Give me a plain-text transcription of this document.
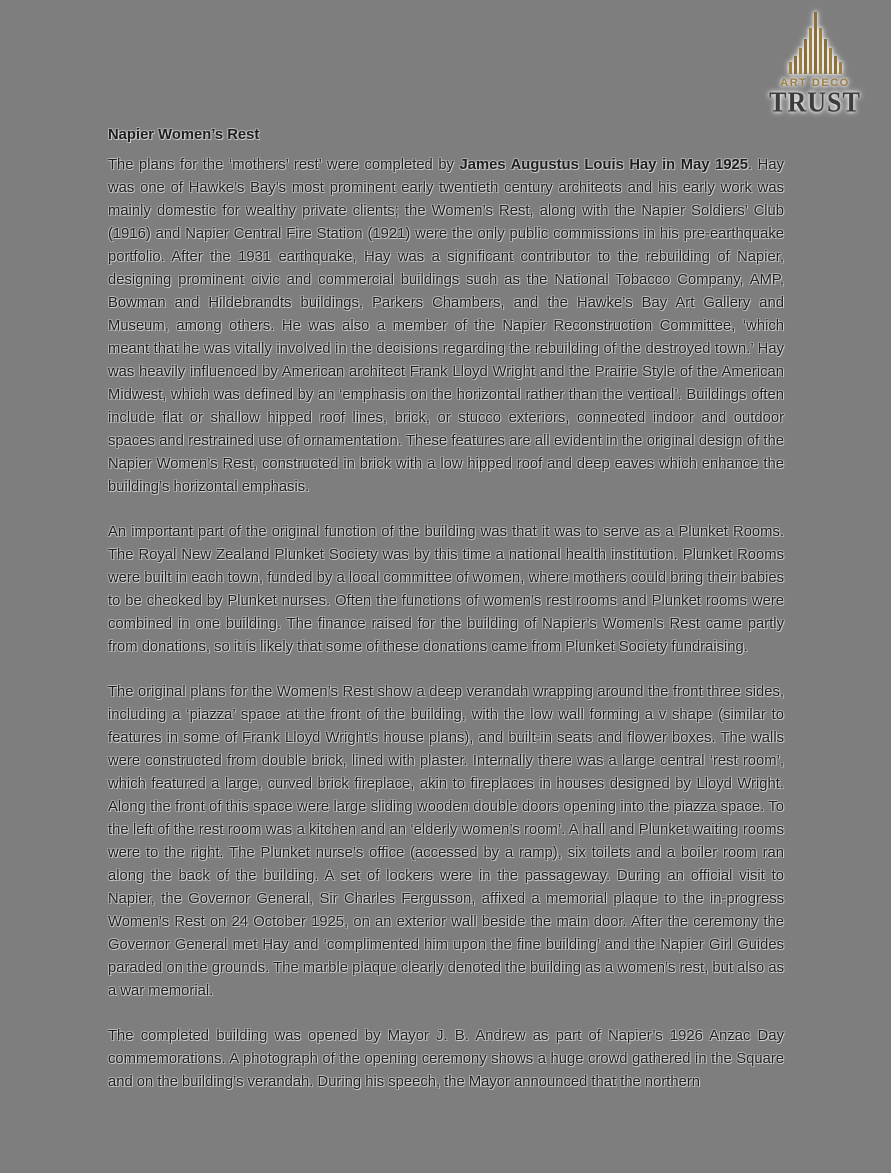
ART DECO
TRUST
Napier Women’s Rest

The plans for the ‘mothers’ rest’ were completed by James Augustus Louis Hay in May 1925. Hay was one of Hawke’s Bay’s most prominent early twentieth century architects and his early work was mainly domestic for wealthy private clients; the Women’s Rest, along with the Napier Soldiers’ Club (1916) and Napier Central Fire Station (1921) were the only public commissions in his pre-earthquake portfolio. After the 1931 earthquake, Hay was a significant contributor to the rebuilding of Napier, designing prominent civic and commercial buildings such as the National Tobacco Company, AMP, Bowman and Hildebrandts buildings, Parkers Chambers, and the Hawke’s Bay Art Gallery and Museum, among others. He was also a member of the Napier Reconstruction Committee, ‘which meant that he was vitally involved in the decisions regarding the rebuilding of the destroyed town.’ Hay was heavily influenced by American architect Frank Lloyd Wright and the Prairie Style of the American Midwest, which was defined by an ‘emphasis on the horizontal rather than the vertical’. Buildings often include flat or shallow hipped roof lines, brick, or stucco exteriors, connected indoor and outdoor spaces and restrained use of ornamentation. These features are all evident in the original design of the Napier Women’s Rest, constructed in brick with a low hipped roof and deep eaves which enhance the building’s horizontal emphasis.

An important part of the original function of the building was that it was to serve as a Plunket Rooms. The Royal New Zealand Plunket Society was by this time a national health institution. Plunket Rooms were built in each town, funded by a local committee of women, where mothers could bring their babies to be checked by Plunket nurses. Often the functions of women’s rest rooms and Plunket rooms were combined in one building. The finance raised for the building of Napier’s Women’s Rest came partly from donations, so it is likely that some of these donations came from Plunket Society fundraising.

The original plans for the Women’s Rest show a deep verandah wrapping around the front three sides, including a ‘piazza’ space at the front of the building, with the low wall forming a v shape (similar to features in some of Frank Lloyd Wright’s house plans), and built-in seats and flower boxes. The walls were constructed from double brick, lined with plaster. Internally there was a large central ‘rest room’, which featured a large, curved brick fireplace, akin to fireplaces in houses designed by Lloyd Wright. Along the front of this space were large sliding wooden double doors opening into the piazza space. To the left of the rest room was a kitchen and an ‘elderly women’s room’. A hall and Plunket waiting rooms were to the right. The Plunket nurse’s office (accessed by a ramp), six toilets and a boiler room ran along the back of the building. A set of lockers were in the passageway. During an official visit to Napier, the Governor General, Sir Charles Fergusson, affixed a memorial plaque to the in-progress Women’s Rest on 24 October 1925, on an exterior wall beside the main door. After the ceremony the Governor General met Hay and ‘complimented him upon the fine building’ and the Napier Girl Guides paraded on the grounds. The marble plaque clearly denoted the building as a women’s rest, but also as a war memorial.

The completed building was opened by Mayor J. B. Andrew as part of Napier’s 1926 Anzac Day commemorations. A photograph of the opening ceremony shows a huge crowd gathered in the Square and on the building’s verandah. During his speech, the Mayor announced that the northern
